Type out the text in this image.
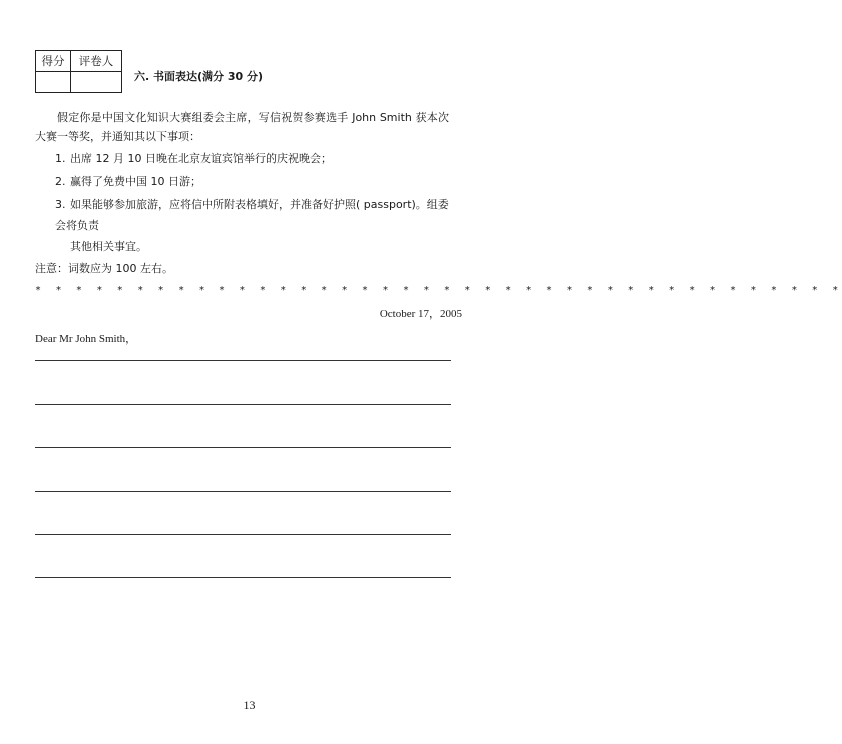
得分	评卷人

六. 书面表达(满分 30 分)
假定你是中国文化知识大赛组委会主席，写信祝贺参赛选手 John Smith 获本次大赛一等奖，并通知其以下事项：
1. 出席 12 月 10 日晚在北京友谊宾馆举行的庆祝晚会；
2. 赢得了免费中国 10 日游；
3. 如果能够参加旅游，应将信中所附表格填好，并准备好护照( passport)。组委会将负责
其他相关事宜。
注意：词数应为 100 左右。
* * * * * * * * * * * * * * * * * * * * * * * * * * * * * * * * * * * * * * * *
October 17，2005
Dear Mr John Smith，
13
